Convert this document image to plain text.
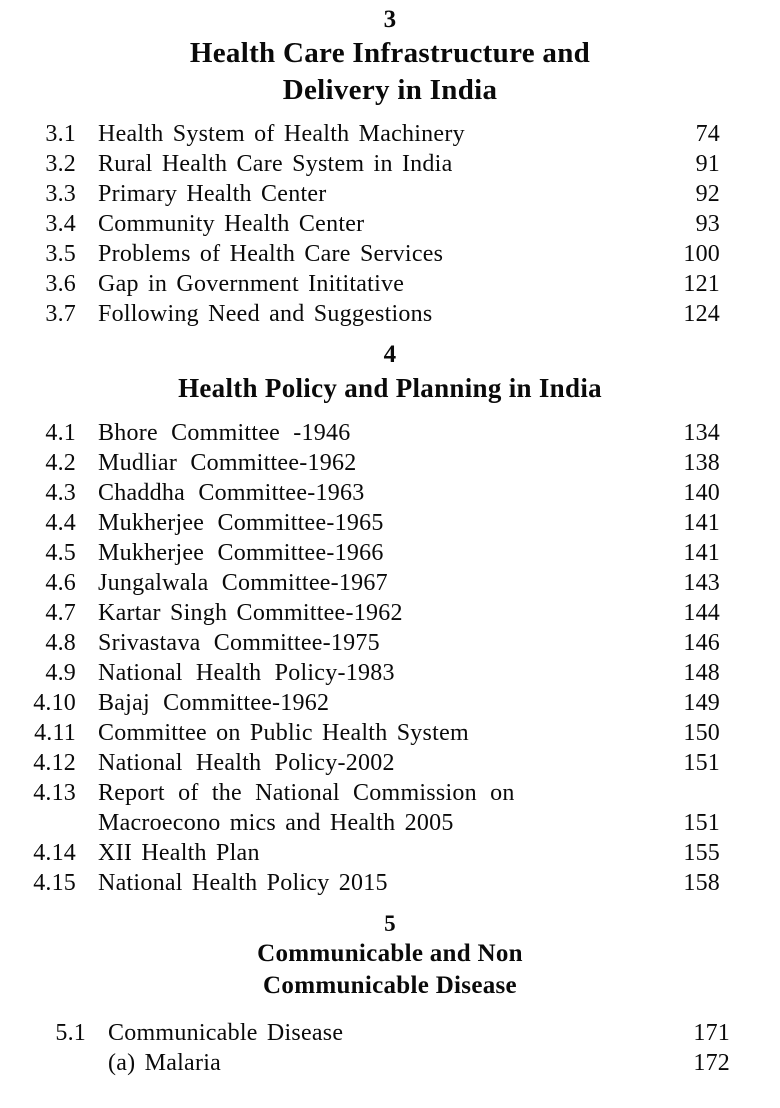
3
Health Care Infrastructure and
Delivery in India
3.1 Health System of Health Machinery	74
3.2 Rural Health Care System in India	91
3.3 Primary Health Center	92
3.4 Community Health Center	93
3.5 Problems of Health Care Services	100
3.6 Gap in Government Inititative	121
3.7 Following Need and Suggestions	124
4
Health Policy and Planning in India
4.1 Bhore Committee -1946	134
4.2 Mudliar Committee-1962	138
4.3 Chaddha Committee-1963	140
4.4 Mukherjee Committee-1965	141
4.5 Mukherjee Committee-1966	141
4.6 Jungalwala Committee-1967	143
4.7 Kartar Singh Committee-1962	144
4.8 Srivastava Committee-1975	146
4.9 National Health Policy-1983	148
4.10 Bajaj Committee-1962	149
4.11 Committee on Public Health System	150
4.12 National Health Policy-2002	151
4.13 Report of the National Commission on
Macroecono mics and Health 2005	151
4.14 XII Health Plan	155
4.15 National Health Policy 2015	158
5
Communicable and Non
Communicable Disease
5.1 Communicable Disease	171
(a) Malaria	172
